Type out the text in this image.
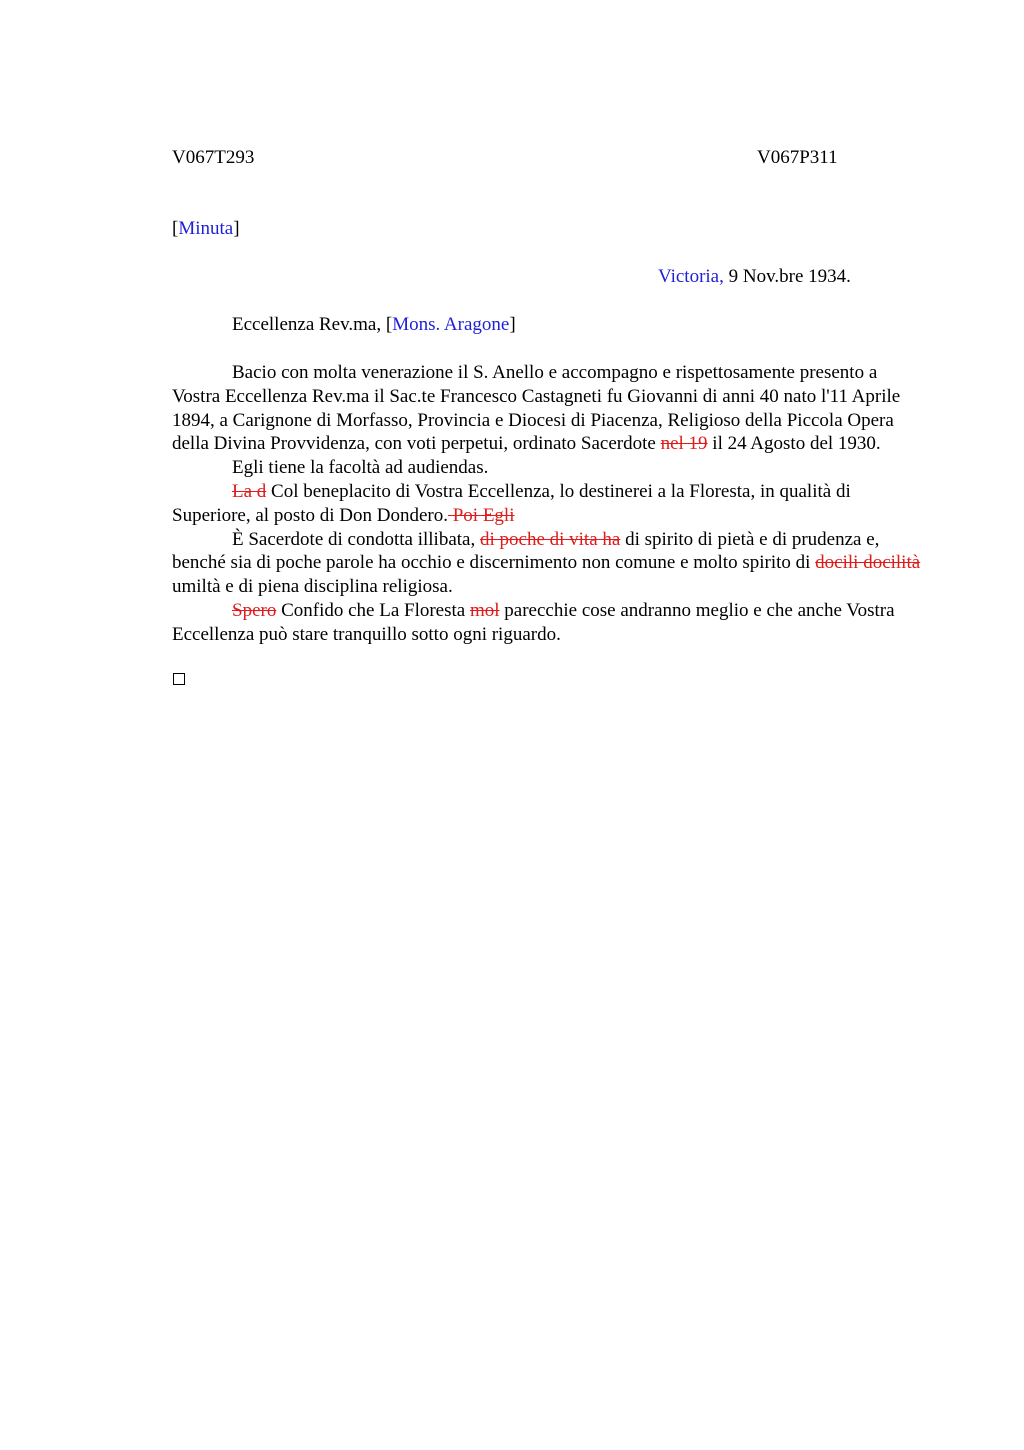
V067T293	V067P311
[Minuta]
Victoria, 9 Nov.bre 1934.
Eccellenza Rev.ma, [Mons. Aragone]

Bacio con molta venerazione il S. Anello e accompagno e rispettosamente presento a Vostra Eccellenza Rev.ma il Sac.te Francesco Castagneti fu Giovanni di anni 40 nato l'11 Aprile 1894, a Carignone di Morfasso, Provincia e Diocesi di Piacenza, Religioso della Piccola Opera della Divina Provvidenza, con voti perpetui, ordinato Sacerdote nel 19 il 24 Agosto del 1930.

Egli tiene la facoltà ad audiendas.

La d Col beneplacito di Vostra Eccellenza, lo destinerei a la Floresta, in qualità di Superiore, al posto di Don Dondero. Poi Egli

È Sacerdote di condotta illibata, di poche di vita ha di spirito di pietà e di prudenza e, benché sia di poche parole ha occhio e discernimento non comune e molto spirito di docili docilità umiltà e di piena disciplina religiosa.

Spero Confido che La Floresta mol parecchie cose andranno meglio e che anche Vostra Eccellenza può stare tranquillo sotto ogni riguardo.
